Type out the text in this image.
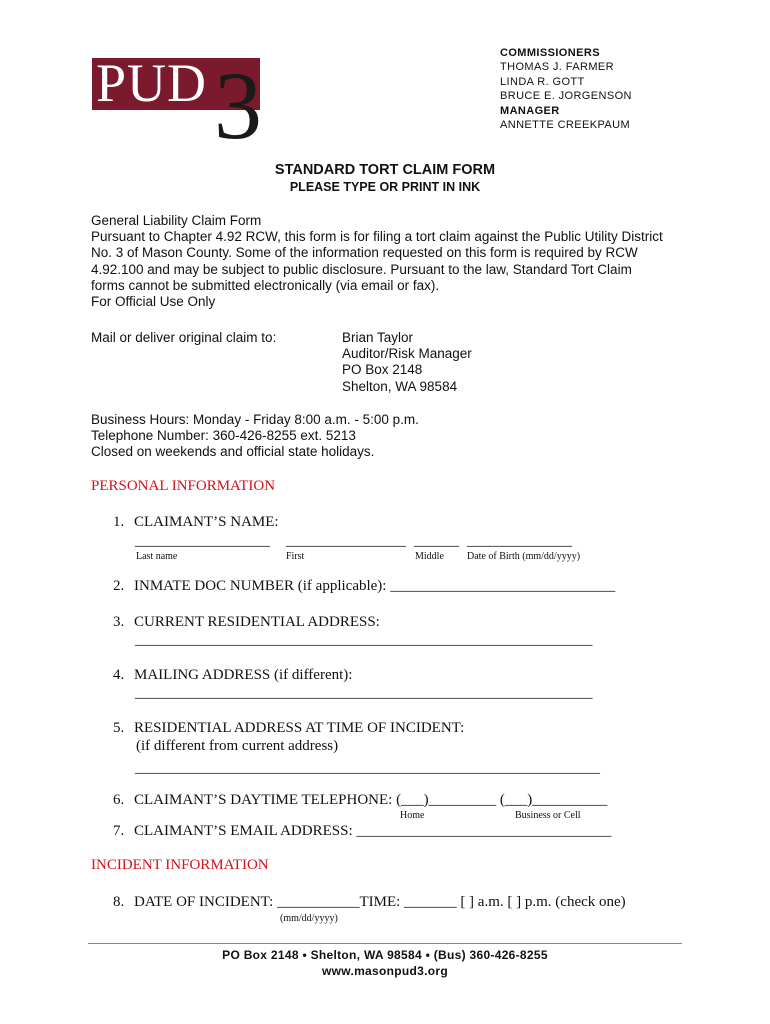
PUD 3	COMMISSIONERS
THOMAS J. FARMER
LINDA R. GOTT
BRUCE E. JORGENSON
MANAGER
ANNETTE CREEKPAUM
STANDARD TORT CLAIM FORM
PLEASE TYPE OR PRINT IN INK
General Liability Claim Form
Pursuant to Chapter 4.92 RCW, this form is for filing a tort claim against the Public Utility District
No. 3 of Mason County. Some of the information requested on this form is required by RCW
4.92.100 and may be subject to public disclosure. Pursuant to the law, Standard Tort Claim
forms cannot be submitted electronically (via email or fax).
For Official Use Only
Mail or deliver original claim to:	Brian Taylor
Auditor/Risk Manager
PO Box 2148
Shelton, WA 98584
Business Hours: Monday - Friday 8:00 a.m. - 5:00 p.m.
Telephone Number: 360-426-8255 ext. 5213
Closed on weekends and official state holidays.
PERSONAL INFORMATION
1. CLAIMANT’S NAME:
__________________ ________________ ______ ______________
Last name	First	Middle Date of Birth (mm/dd/yyyy)
2. INMATE DOC NUMBER (if applicable): ______________________________
3. CURRENT RESIDENTIAL ADDRESS:
_____________________________________________________________
4. MAILING ADDRESS (if different):
_____________________________________________________________
5. RESIDENTIAL ADDRESS AT TIME OF INCIDENT:
(if different from current address)
______________________________________________________________
6. CLAIMANT’S DAYTIME TELEPHONE: (___)_________ (___)__________
Home	Business or Cell
7. CLAIMANT’S EMAIL ADDRESS: __________________________________
INCIDENT INFORMATION
8. DATE OF INCIDENT: ___________TIME: _______ [ ] a.m. [ ] p.m. (check one)
(mm/dd/yyyy)
PO Box 2148 • Shelton, WA 98584 • (Bus) 360-426-8255
www.masonpud3.org
